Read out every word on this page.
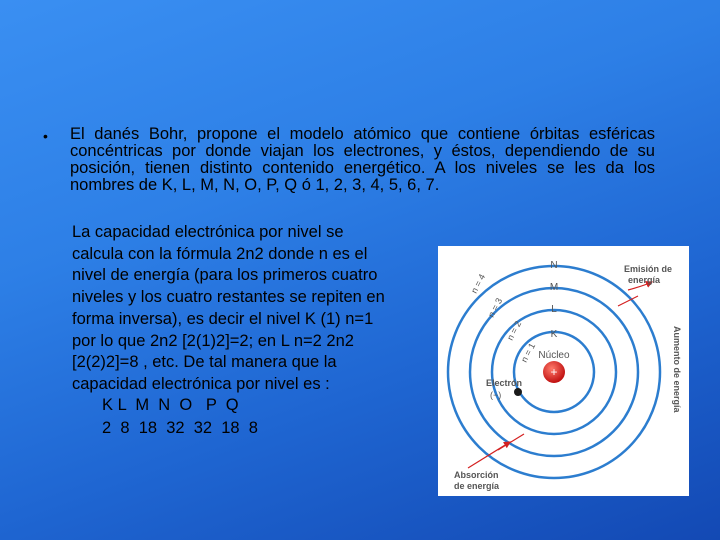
• El danés Bohr, propone el modelo atómico que contiene órbitas esféricas concéntricas por donde viajan los electrones, y éstos, dependiendo de su posición, tienen distinto contenido energético. A los niveles se les da los nombres de K, L, M, N, O, P, Q ó 1, 2, 3, 4, 5, 6, 7.

La capacidad electrónica por nivel se
calcula con la fórmula 2n2 donde n es el
nivel de energía (para los primeros cuatro
niveles y los cuatro restantes se repiten en
forma inversa), es decir el nivel K (1) n=1
por lo que 2n2 [2(1)2]=2; en L n=2 2n2
[2(2)2]=8 , etc. De tal manera que la
capacidad electrónica por nivel es :

K L  M  N  O   P  Q
2  8  18  32  32  18  8
+
Núcleo
N
M
L
K
n = 4
n = 3
n = 2
n = 1
Electrón
(−)
Emisión de
energía
Absorción
de energía
Aumento de energía
